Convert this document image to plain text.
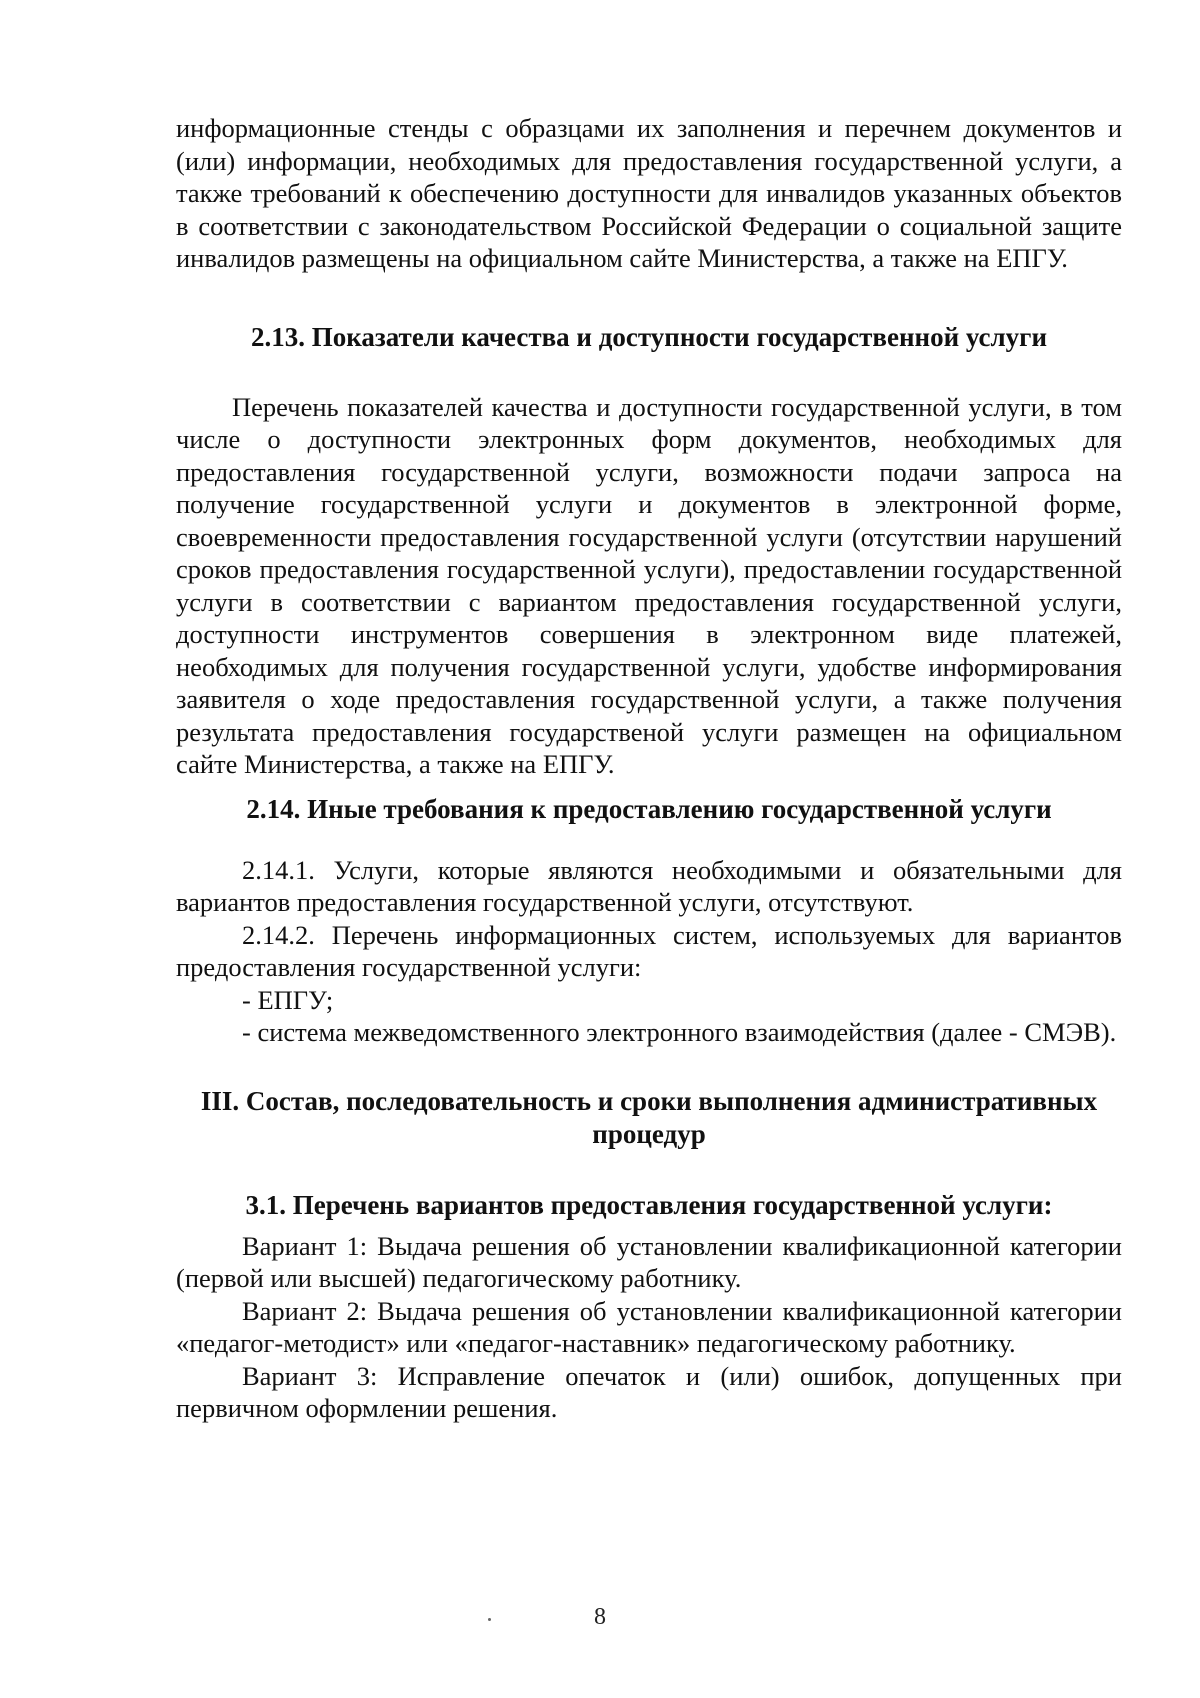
информационные стенды с образцами их заполнения и перечнем документов и (или) информации, необходимых для предоставления государственной услуги, а также требований к обеспечению доступности для инвалидов указанных объектов в соответствии с законодательством Российской Федерации о социальной защите инвалидов размещены на официальном сайте Министерства, а также на ЕПГУ.

2.13. Показатели качества и доступности государственной услуги

Перечень показателей качества и доступности государственной услуги, в том числе о доступности электронных форм документов, необходимых для предоставления государственной услуги, возможности подачи запроса на получение государственной услуги и документов в электронной форме, своевременности предоставления государственной услуги (отсутствии нарушений сроков предоставления государственной услуги), предоставлении государственной услуги в соответствии с вариантом предоставления государственной услуги, доступности инструментов совершения в электронном виде платежей, необходимых для получения государственной услуги, удобстве информирования заявителя о ходе предоставления государственной услуги, а также получения результата предоставления государственой услуги размещен на официальном сайте Министерства, а также на ЕПГУ.

2.14. Иные требования к предоставлению государственной услуги

2.14.1. Услуги, которые являются необходимыми и обязательными для вариантов предоставления государственной услуги, отсутствуют.

2.14.2. Перечень информационных систем, используемых для вариантов предоставления государственной услуги:

- ЕПГУ;

- система межведомственного электронного взаимодействия (далее - СМЭВ).

III. Состав, последовательность и сроки выполнения административных
процедур
3.1. Перечень вариантов предоставления государственной услуги:

Вариант 1: Выдача решения об установлении квалификационной категории (первой или высшей) педагогическому работнику.

Вариант 2: Выдача решения об установлении квалификационной категории «педагог-методист» или «педагог-наставник» педагогическому работнику.

Вариант 3: Исправление опечаток и (или) ошибок, допущенных при первичном оформлении решения.

8
